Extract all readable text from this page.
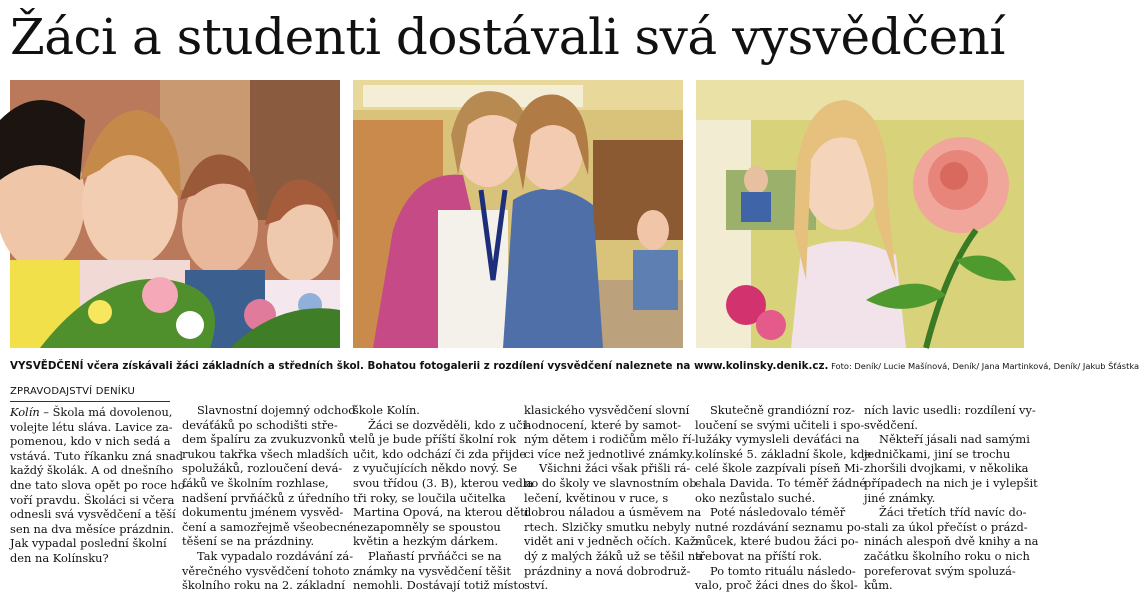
Žáci a studenti dostávali svá vysvědčení
VYSVĚDČENÍ včera získávali žáci základních a středních škol. Bohatou fotogalerii z rozdílení vysvědčení naleznete na www.kolinsky.denik.cz. Foto: Deník/ Lucie Mašínová, Deník/ Jana Martinková, Deník/ Jakub Šťástka
ZPRAVODAJSTVÍ DENÍKU
Kolín – Škola má dovolenou,
volejte létu sláva. Lavice za-
pomenou, kdo v nich sedá a
vstává. Tuto říkanku zná snad
každý školák. A od dnešního
dne tato slova opět po roce ho-
voří pravdu. Školáci si včera
odnesli svá vysvědčení a těší
sen na dva měsíce prázdnin.
Jak vypadal poslední školní
den na Kolínsku?
Slavnostní dojemný odchod
deváťáků po schodišti stře-
dem špalíru za zvukuzvonků v
rukou takřka všech mladších
spolužáků, rozloučení devá-
fáků ve školním rozhlase,
nadšení prvňáčků z úředního
dokumentu jménem vysvěd-
čení a samozřejmě všeobecné
těšení se na prázdniny.
Tak vypadalo rozdávání zá-
věrečného vysvědčení tohoto
školního roku na 2. základní
škole Kolín.
Žáci se dozvěděli, kdo z uči-
telů je bude příští školní rok
učit, kdo odchází či zda přijde
z vyučujících někdo nový. Se
svou třídou (3. B), kterou vedla
tři roky, se loučila učitelka
Martina Opová, na kterou děti
nezapomněly se spoustou
květin a hezkým dárkem.
Plaňastí prvňáčci se na
známky na vysvědčení těšit
nemohli. Dostávají totiž místo
klasického vysvědčení slovní
hodnocení, které by samot-
ným dětem i rodičům mělo ří-
ci více než jednotlivé známky.
Všichni žáci však přišli rá-
no do školy ve slavnostním ob-
lečení, květinou v ruce, s
dobrou náladou a úsměvem na
rtech. Slzičky smutku nebyly
vidět ani v jedněch očích. Kaž-
dý z malých žáků už se těšil na
prázdniny a nová dobrodruž-
ství.
Skutečně grandiózní roz-
loučení se svými učiteli i spo-
lužáky vymysleli deváťáci na
kolínské 5. základní škole, kde
celé škole zazpívali píseň Mi-
chala Davida. To téměř žádné
oko nezůstalo suché.
Poté následovalo téměř
nutné rozdávání seznamu po-
můcek, které budou žáci po-
třebovat na příští rok.
Po tomto rituálu následo-
valo, proč žáci dnes do škol-
ních lavic usedli: rozdílení vy-
svědčení.
Někteří jásali nad samými
jedničkami, jiní se trochu
zhoršili dvojkami, v několika
případech na nich je i vylepšit
jiné známky.
Žáci třetích tříd navíc do-
stali za úkol přečíst o prázd-
ninách alespoň dvě knihy a na
začátku školního roku o nich
poreferovat svým spoluzá-
kům.
